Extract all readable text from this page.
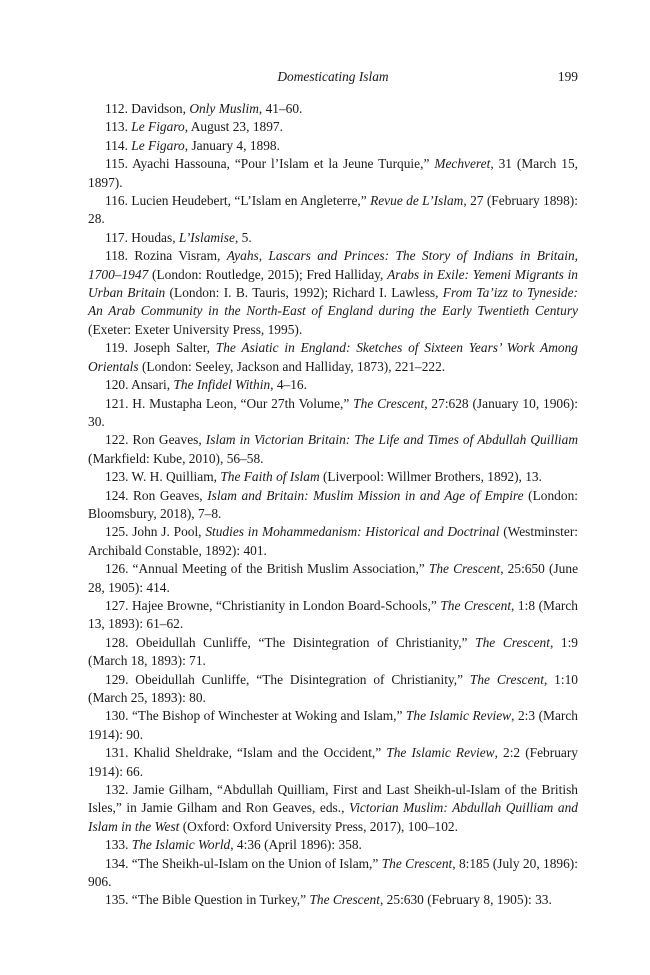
Domesticating Islam	199

112. Davidson, Only Muslim, 41–60.

113. Le Figaro, August 23, 1897.

114. Le Figaro, January 4, 1898.

115. Ayachi Hassouna, “Pour l’Islam et la Jeune Turquie,” Mechveret, 31 (March 15, 1897).

116. Lucien Heudebert, “L’Islam en Angleterre,” Revue de L’Islam, 27 (February 1898): 28.

117. Houdas, L’Islamise, 5.

118. Rozina Visram, Ayahs, Lascars and Princes: The Story of Indians in Britain, 1700–1947 (London: Routledge, 2015); Fred Halliday, Arabs in Exile: Yemeni Migrants in Urban Britain (London: I. B. Tauris, 1992); Richard I. Lawless, From Ta’izz to Tyneside: An Arab Community in the North-East of England during the Early Twentieth Century (Exeter: Exeter University Press, 1995).

119. Joseph Salter, The Asiatic in England: Sketches of Sixteen Years’ Work Among Orientals (London: Seeley, Jackson and Halliday, 1873), 221–222.

120. Ansari, The Infidel Within, 4–16.

121. H. Mustapha Leon, “Our 27th Volume,” The Crescent, 27:628 (January 10, 1906): 30.

122. Ron Geaves, Islam in Victorian Britain: The Life and Times of Abdullah Quilliam (Markfield: Kube, 2010), 56–58.

123. W. H. Quilliam, The Faith of Islam (Liverpool: Willmer Brothers, 1892), 13.

124. Ron Geaves, Islam and Britain: Muslim Mission in and Age of Empire (London: Bloomsbury, 2018), 7–8.

125. John J. Pool, Studies in Mohammedanism: Historical and Doctrinal (Westminster: Archibald Constable, 1892): 401.

126. “Annual Meeting of the British Muslim Association,” The Crescent, 25:650 (June 28, 1905): 414.

127. Hajee Browne, “Christianity in London Board-Schools,” The Crescent, 1:8 (March 13, 1893): 61–62.

128. Obeidullah Cunliffe, “The Disintegration of Christianity,” The Crescent, 1:9 (March 18, 1893): 71.

129. Obeidullah Cunliffe, “The Disintegration of Christianity,” The Crescent, 1:10 (March 25, 1893): 80.

130. “The Bishop of Winchester at Woking and Islam,” The Islamic Review, 2:3 (March 1914): 90.

131. Khalid Sheldrake, “Islam and the Occident,” The Islamic Review, 2:2 (February 1914): 66.

132. Jamie Gilham, “Abdullah Quilliam, First and Last Sheikh-ul-Islam of the British Isles,” in Jamie Gilham and Ron Geaves, eds., Victorian Muslim: Abdullah Quilliam and Islam in the West (Oxford: Oxford University Press, 2017), 100–102.

133. The Islamic World, 4:36 (April 1896): 358.

134. “The Sheikh-ul-Islam on the Union of Islam,” The Crescent, 8:185 (July 20, 1896): 906.

135. “The Bible Question in Turkey,” The Crescent, 25:630 (February 8, 1905): 33.
